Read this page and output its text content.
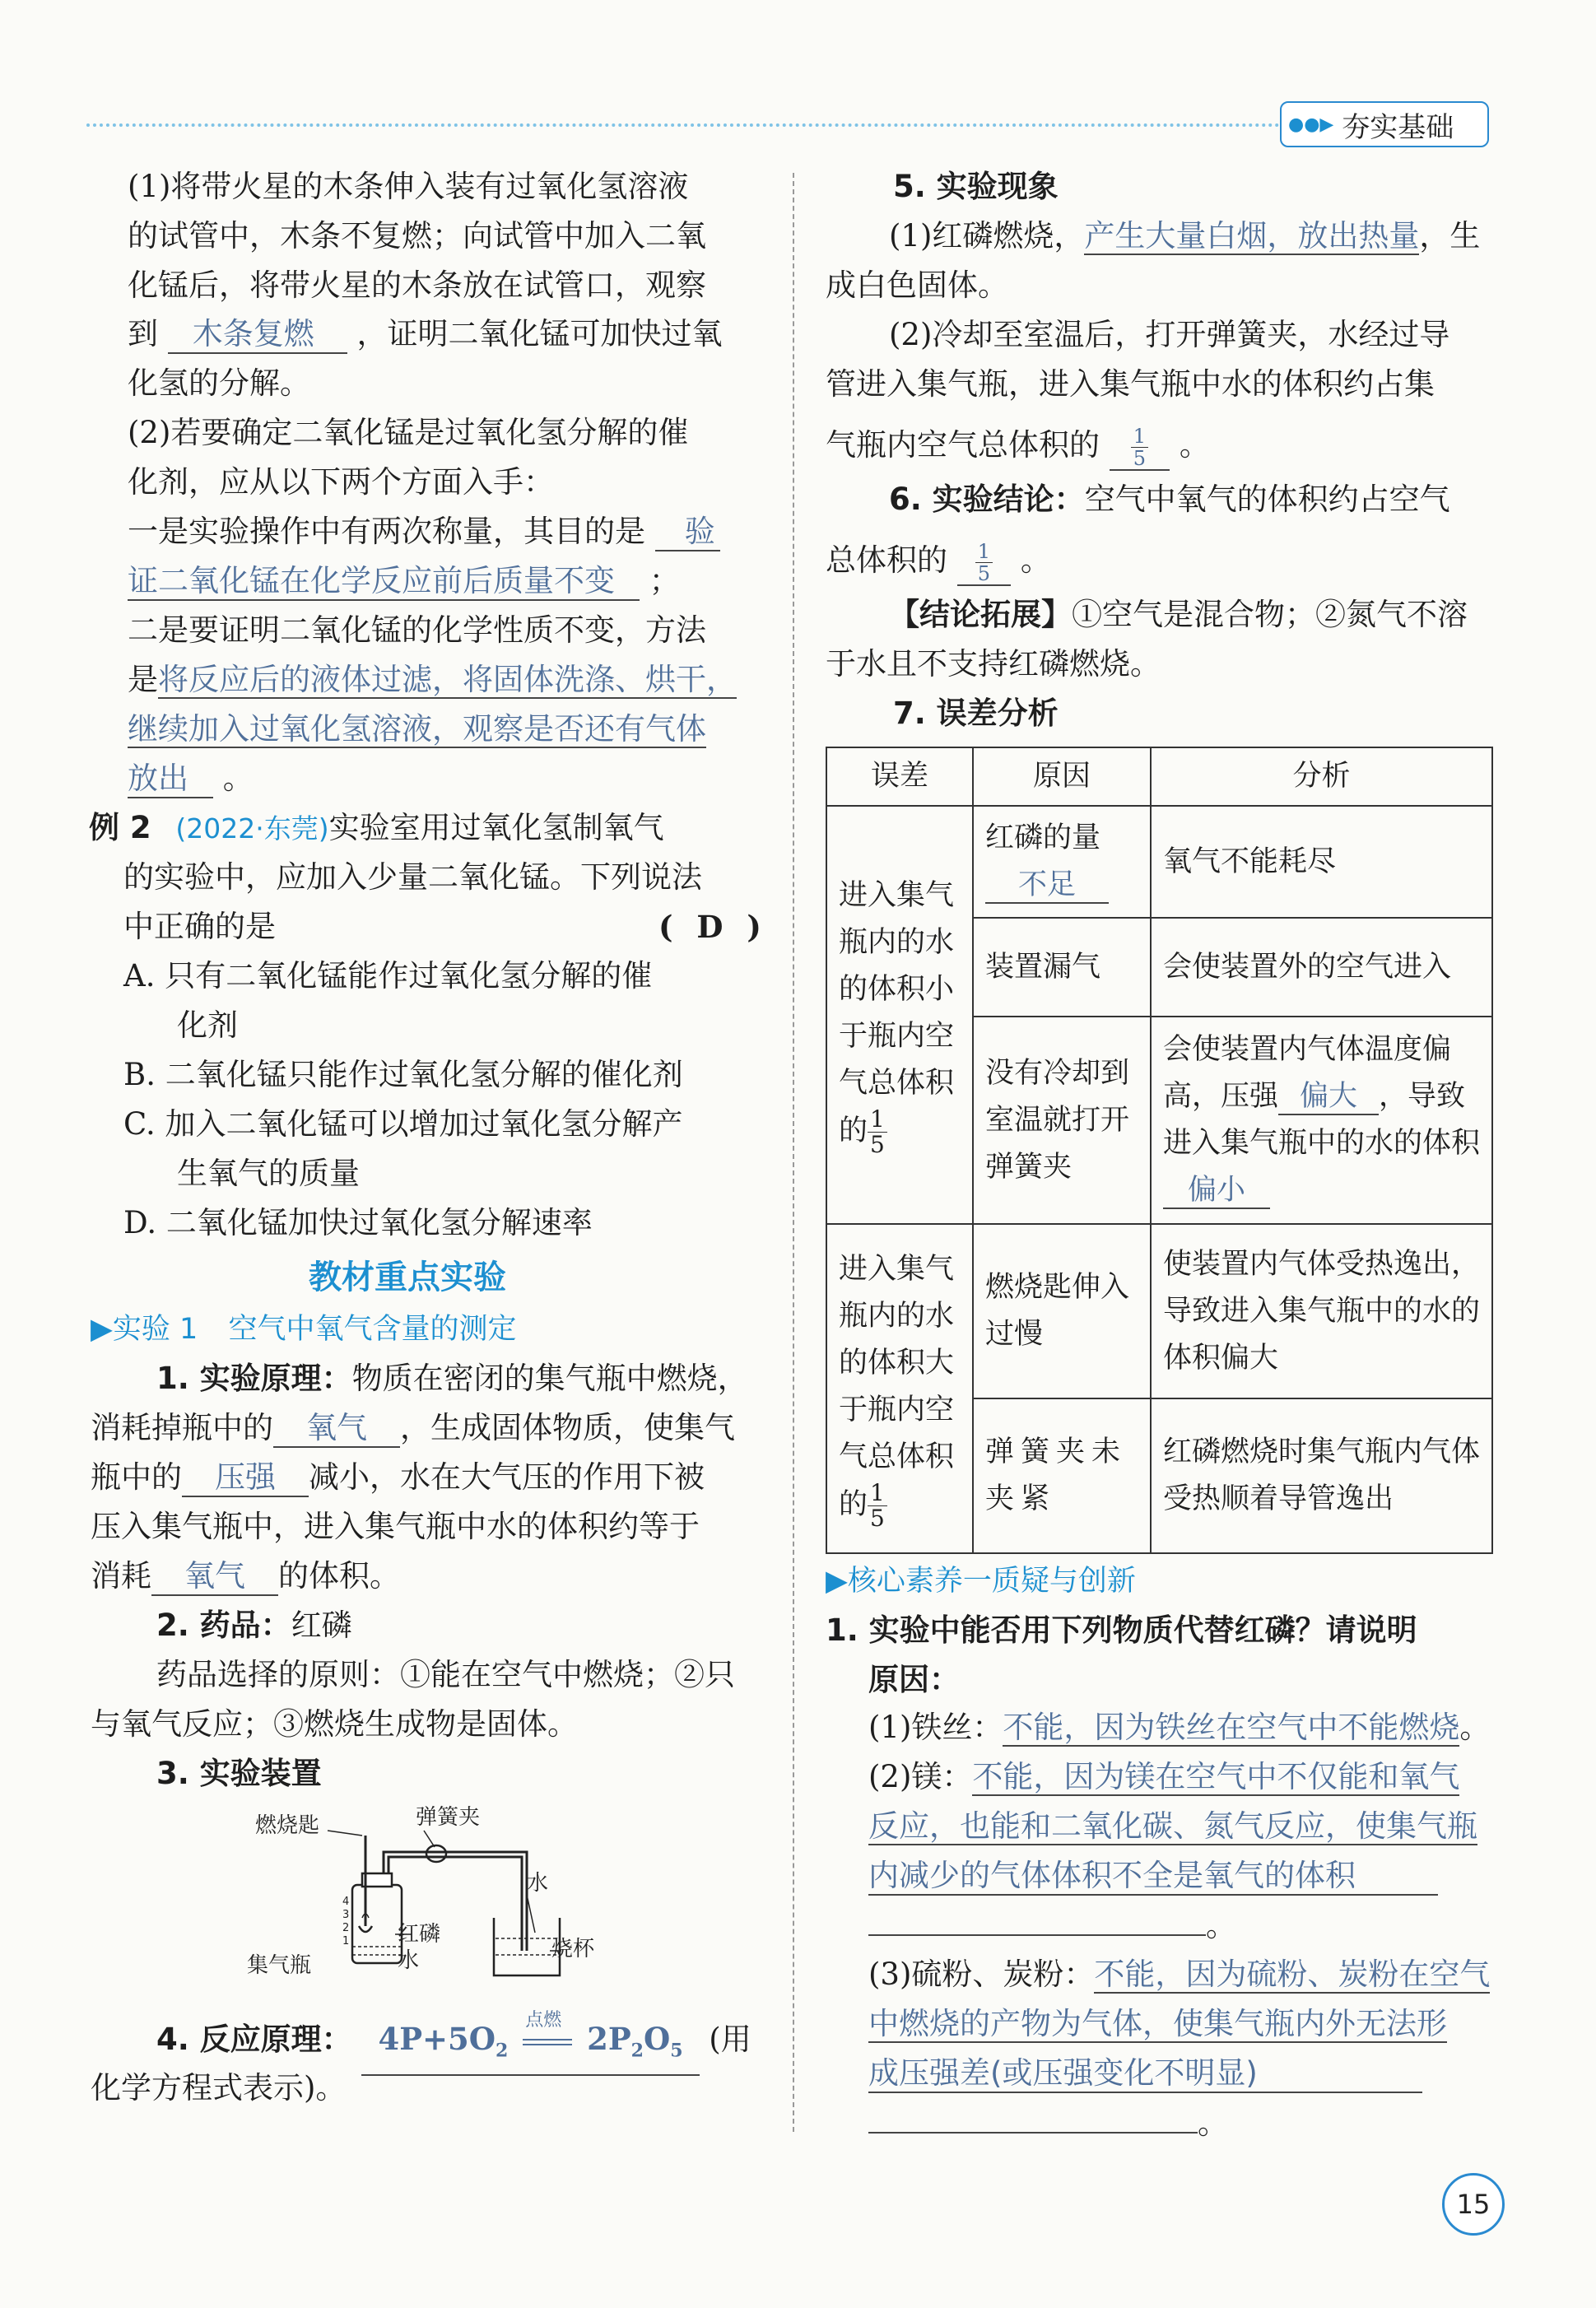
●●▶ 夯实基础
(1)将带火星的木条伸入装有过氧化氢溶液
的试管中，木条不复燃；向试管中加入二氧
化锰后，将带火星的木条放在试管口，观察
到 木条复燃 ，证明二氧化锰可加快过氧
化氢的分解。
(2)若要确定二氧化锰是过氧化氢分解的催
化剂，应从以下两个方面入手：
一是实验操作中有两次称量，其目的是 验
证二氧化锰在化学反应前后质量不变 ；
二是要证明二氧化锰的化学性质不变，方法
是将反应后的液体过滤，将固体洗涤、烘干，
继续加入过氧化氢溶液，观察是否还有气体
放出 。
例 2 (2022·东莞)实验室用过氧化氢制氧气
的实验中，应加入少量二氧化锰。下列说法
中正确的是	( D )
A. 只有二氧化锰能作过氧化氢分解的催
化剂
B. 二氧化锰只能作过氧化氢分解的催化剂
C. 加入二氧化锰可以增加过氧化氢分解产
生氧气的质量
D. 二氧化锰加快过氧化氢分解速率
教材重点实验
▶实验 1 空气中氧气含量的测定
1. 实验原理：物质在密闭的集气瓶中燃烧，
消耗掉瓶中的 氧气 ，生成固体物质，使集气
瓶中的 压强 减小，水在大气压的作用下被
压入集气瓶中，进入集气瓶中水的体积约等于
消耗 氧气 的体积。
2. 药品：红磷
药品选择的原则：①能在空气中燃烧；②只
与氧气反应；③燃烧生成物是固体。
3. 实验装置
燃烧匙	弹簧夹
水
红磷
水
集气瓶
烧杯
4
3
2
1
4. 反应原理： $4P+5O_2$
点燃
$2P_2O_5$ (用
化学方程式表示)。
5. 实验现象
(1)红磷燃烧，产生大量白烟，放出热量，生
成白色固体。
(2)冷却至室温后，打开弹簧夹，水经过导
管进入集气瓶，进入集气瓶中水的体积约占集
气瓶内空气总体积的 $\frac{1}{5}$ 。
6. 实验结论：空气中氧气的体积约占空气
总体积的 $\frac{1}{5}$ 。
【结论拓展】①空气是混合物；②氮气不溶
于水且不支持红磷燃烧。
7. 误差分析
误差	原因	分析
进入集气瓶内的水的体积小于瓶内空气总体积的 $\frac{1}{5}$	红磷的量
不足	氧气不能耗尽
	装置漏气	会使装置外的空气进入
	没有冷却到室温就打开弹簧夹	会使装置内气体温度偏高，压强 偏大 ，导致进入集气瓶中的水的体积偏小
进入集气瓶内的水的体积大于瓶内空气总体积的 $\frac{1}{5}$	燃烧匙伸入过慢	使装置内气体受热逸出，导致进入集气瓶中的水的体积偏大
	弹簧夹未夹紧	红磷燃烧时集气瓶内气体受热顺着导管逸出
▶核心素养一质疑与创新
1. 实验中能否用下列物质代替红磷？请说明
原因：
(1)铁丝：不能，因为铁丝在空气中不能燃烧。
(2)镁：不能，因为镁在空气中不仅能和氧气
反应，也能和二氧化碳、氮气反应，使集气瓶
内减少的气体体积不全是氧气的体积
。
(3)硫粉、炭粉：不能，因为硫粉、炭粉在空气
中燃烧的产物为气体，使集气瓶内外无法形
成压强差(或压强变化不明显)
。
15
